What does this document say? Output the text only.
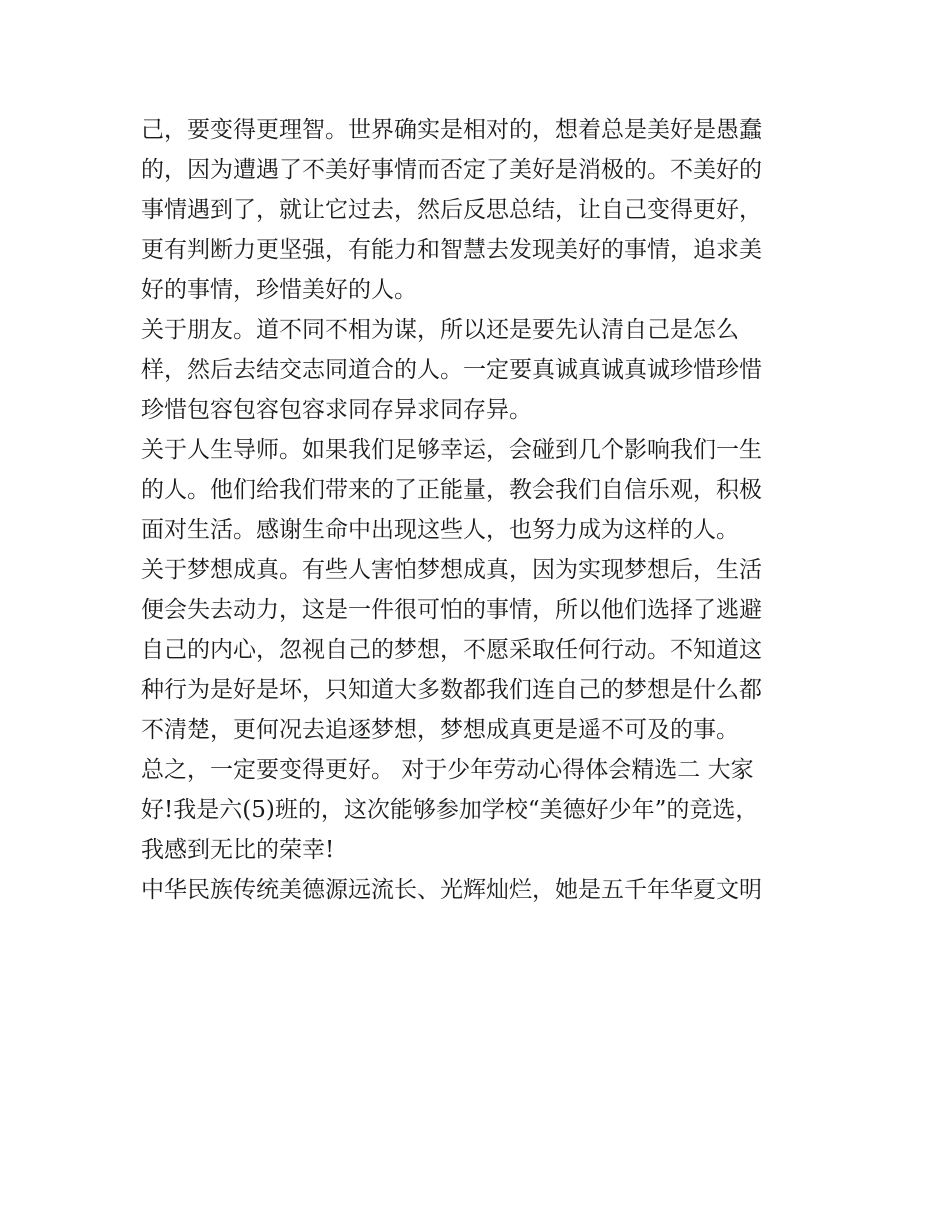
己，要变得更理智。世界确实是相对的，想着总是美好是愚蠢

的，因为遭遇了不美好事情而否定了美好是消极的。不美好的

事情遇到了，就让它过去，然后反思总结，让自己变得更好，

更有判断力更坚强，有能力和智慧去发现美好的事情，追求美

好的事情，珍惜美好的人。

关于朋友。道不同不相为谋，所以还是要先认清自己是怎么

样，然后去结交志同道合的人。一定要真诚真诚真诚珍惜珍惜

珍惜包容包容包容求同存异求同存异。

关于人生导师。如果我们足够幸运，会碰到几个影响我们一生

的人。他们给我们带来的了正能量，教会我们自信乐观，积极

面对生活。感谢生命中出现这些人，也努力成为这样的人。

关于梦想成真。有些人害怕梦想成真，因为实现梦想后，生活

便会失去动力，这是一件很可怕的事情，所以他们选择了逃避

自己的内心，忽视自己的梦想，不愿采取任何行动。不知道这

种行为是好是坏，只知道大多数都我们连自己的梦想是什么都

不清楚，更何况去追逐梦想，梦想成真更是遥不可及的事。

总之，一定要变得更好。 对于少年劳动心得体会精选二 大家

好!我是六(5)班的，这次能够参加学校“美德好少年”的竞选，

我感到无比的荣幸!

中华民族传统美德源远流长、光辉灿烂，她是五千年华夏文明
